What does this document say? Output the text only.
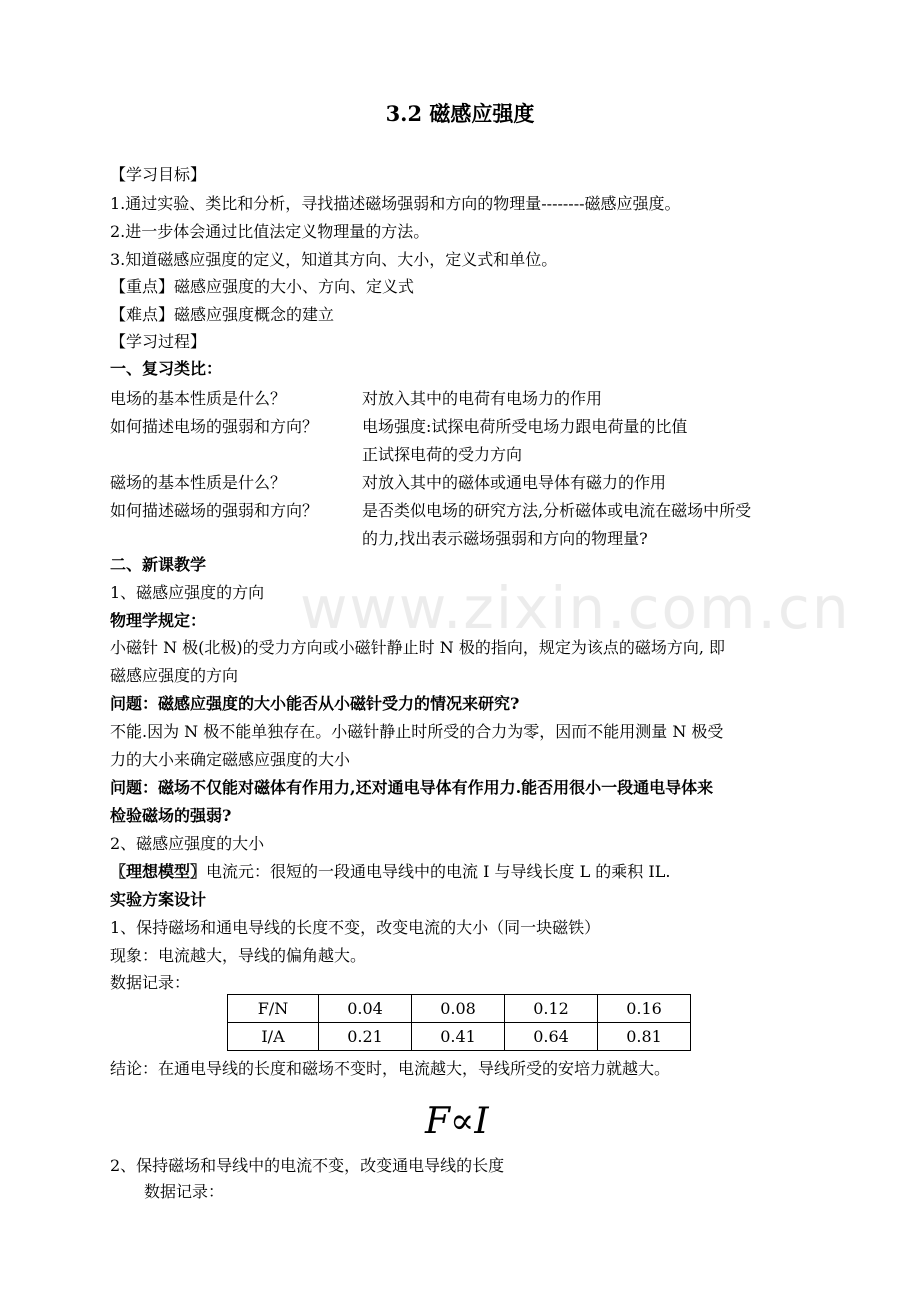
www.zixin.com.cn
3.2 磁感应强度
【学习目标】
1.通过实验、类比和分析，寻找描述磁场强弱和方向的物理量--------磁感应强度。
2.进一步体会通过比值法定义物理量的方法。
3.知道磁感应强度的定义，知道其方向、大小，定义式和单位。
【重点】磁感应强度的大小、方向、定义式
【难点】磁感应强度概念的建立
【学习过程】
一、复习类比：
电场的基本性质是什么？	对放入其中的电荷有电场力的作用
如何描述电场的强弱和方向？	电场强度:试探电荷所受电场力跟电荷量的比值
正试探电荷的受力方向
磁场的基本性质是什么？	对放入其中的磁体或通电导体有磁力的作用
如何描述磁场的强弱和方向？	是否类似电场的研究方法,分析磁体或电流在磁场中所受
的力,找出表示磁场强弱和方向的物理量?
二、新课教学
1、磁感应强度的方向
物理学规定：
小磁针 N 极(北极)的受力方向或小磁针静止时 N 极的指向，规定为该点的磁场方向, 即
磁感应强度的方向
问题：磁感应强度的大小能否从小磁针受力的情况来研究?
不能.因为 N 极不能单独存在。小磁针静止时所受的合力为零，因而不能用测量 N 极受
力的大小来确定磁感应强度的大小
问题：磁场不仅能对磁体有作用力,还对通电导体有作用力.能否用很小一段通电导体来
检验磁场的强弱?
2、磁感应强度的大小
〖理想模型〗电流元：很短的一段通电导线中的电流 I 与导线长度 L 的乘积 IL.
实验方案设计
1、保持磁场和通电导线的长度不变，改变电流的大小（同一块磁铁）
现象：电流越大，导线的偏角越大。
数据记录：
F/N	0.04	0.08	0.12	0.16
I/A	0.21	0.41	0.64	0.81
结论：在通电导线的长度和磁场不变时，电流越大，导线所受的安培力就越大。
F∝I
2、保持磁场和导线中的电流不变，改变通电导线的长度
数据记录：
